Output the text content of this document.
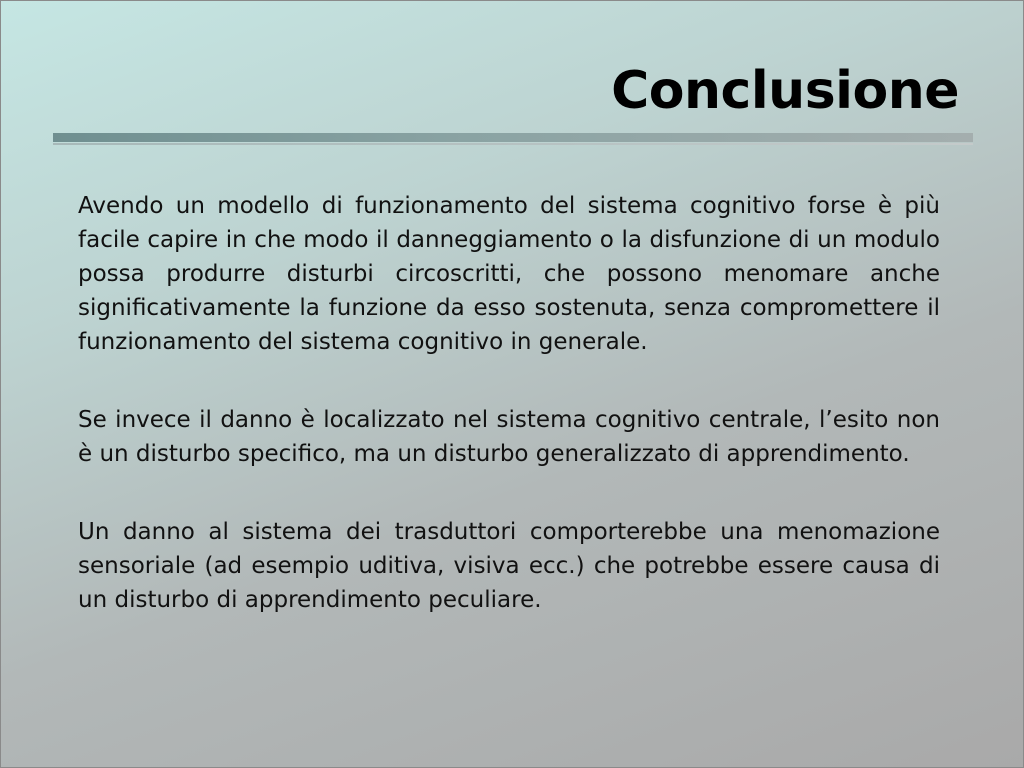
Conclusione

Avendo un modello di funzionamento del sistema cognitivo forse è più facile capire in che modo il danneggiamento o la disfunzione di un modulo possa produrre disturbi circoscritti, che possono menomare anche significativamente la funzione da esso sostenuta, senza compromettere il funzionamento del sistema cognitivo in generale.

Se invece il danno è localizzato nel sistema cognitivo centrale, l’esito non è un disturbo specifico, ma un disturbo generalizzato di apprendimento.

Un danno al sistema dei trasduttori comporterebbe una menomazione sensoriale (ad esempio uditiva, visiva ecc.) che potrebbe essere causa di un disturbo di apprendimento peculiare.
